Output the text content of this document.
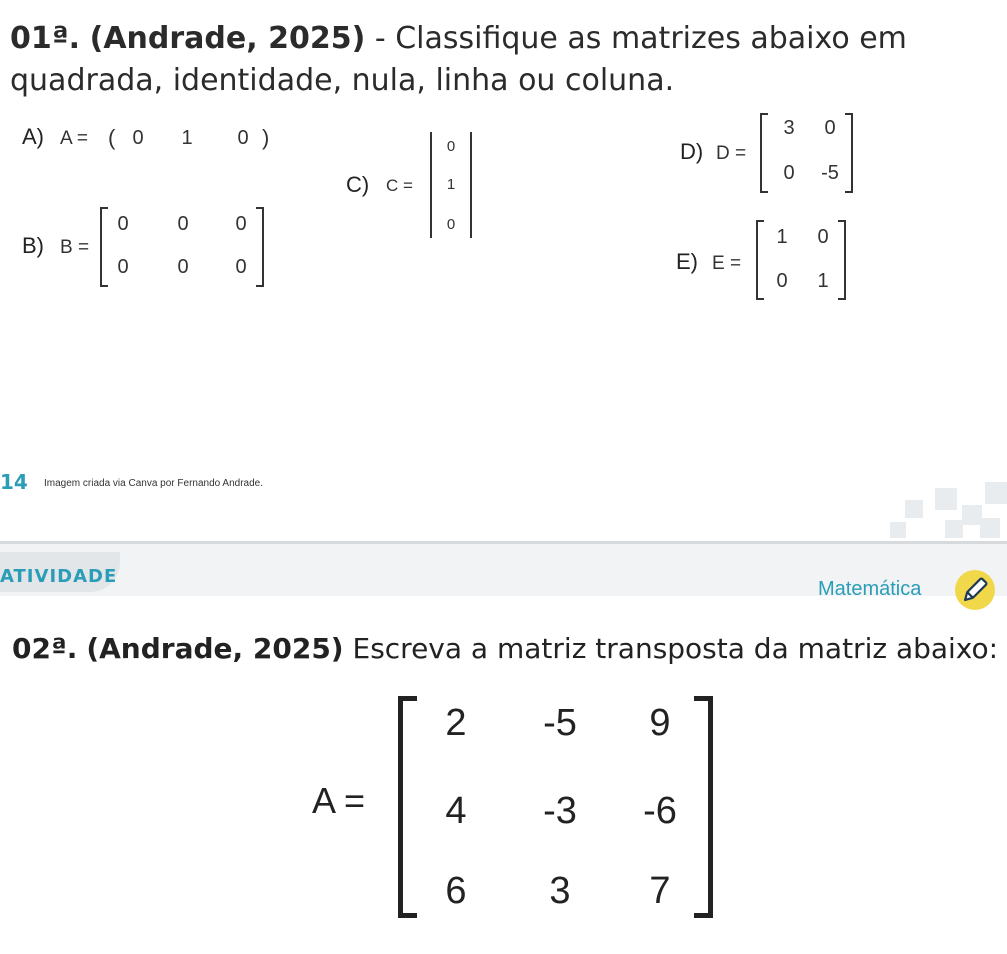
01ª. (Andrade, 2025) - Classifique as matrizes abaixo em quadrada, identidade, nula, linha ou coluna.
A) A = ( 0	1	0 )
B) B =
0	0	0
0	0	0
C) C =
0
1
0
D) D =
3	0
0	-5
E) E =
1	0
0	1
14 Imagem criada via Canva por Fernando Andrade.
ATIVIDADE
Matemática
02ª. (Andrade, 2025) Escreva a matriz transposta da matriz abaixo:
A =
2	-5	9
4	-3	-6
6	3	7
